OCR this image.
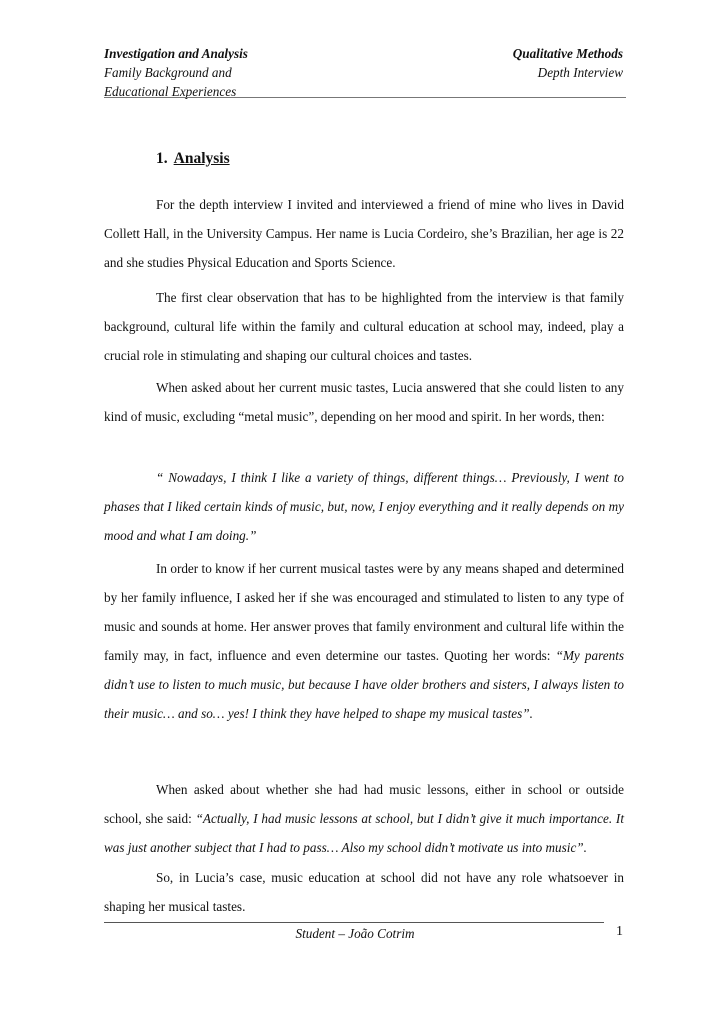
Investigation and Analysis
Family Background and
Educational Experiences
Qualitative Methods
Depth Interview
1. Analysis

For the depth interview I invited and interviewed a friend of mine who lives in David Collett Hall, in the University Campus. Her name is Lucia Cordeiro, she’s Brazilian, her age is 22 and she studies Physical Education and Sports Science.

The first clear observation that has to be highlighted from the interview is that family background, cultural life within the family and cultural education at school may, indeed, play a crucial role in stimulating and shaping our cultural choices and tastes.

When asked about her current music tastes, Lucia answered that she could listen to any kind of music, excluding “metal music”, depending on her mood and spirit. In her words, then:

“ Nowadays, I think I like a variety of things, different things… Previously, I went to phases that I liked certain kinds of music, but, now, I enjoy everything and it really depends on my mood and what I am doing.”

In order to know if her current musical tastes were by any means shaped and determined by her family influence, I asked her if she was encouraged and stimulated to listen to any type of music and sounds at home. Her answer proves that family environment and cultural life within the family may, in fact, influence and even determine our tastes. Quoting her words: “My parents didn’t use to listen to much music, but because I have older brothers and sisters, I always listen to their music… and so… yes! I think they have helped to shape my musical tastes”.

When asked about whether she had had music lessons, either in school or outside school, she said: “Actually, I had music lessons at school, but I didn’t give it much importance. It was just another subject that I had to pass… Also my school didn’t motivate us into music”.

So, in Lucia’s case, music education at school did not have any role whatsoever in shaping her musical tastes.

Student – João Cotrim	1
